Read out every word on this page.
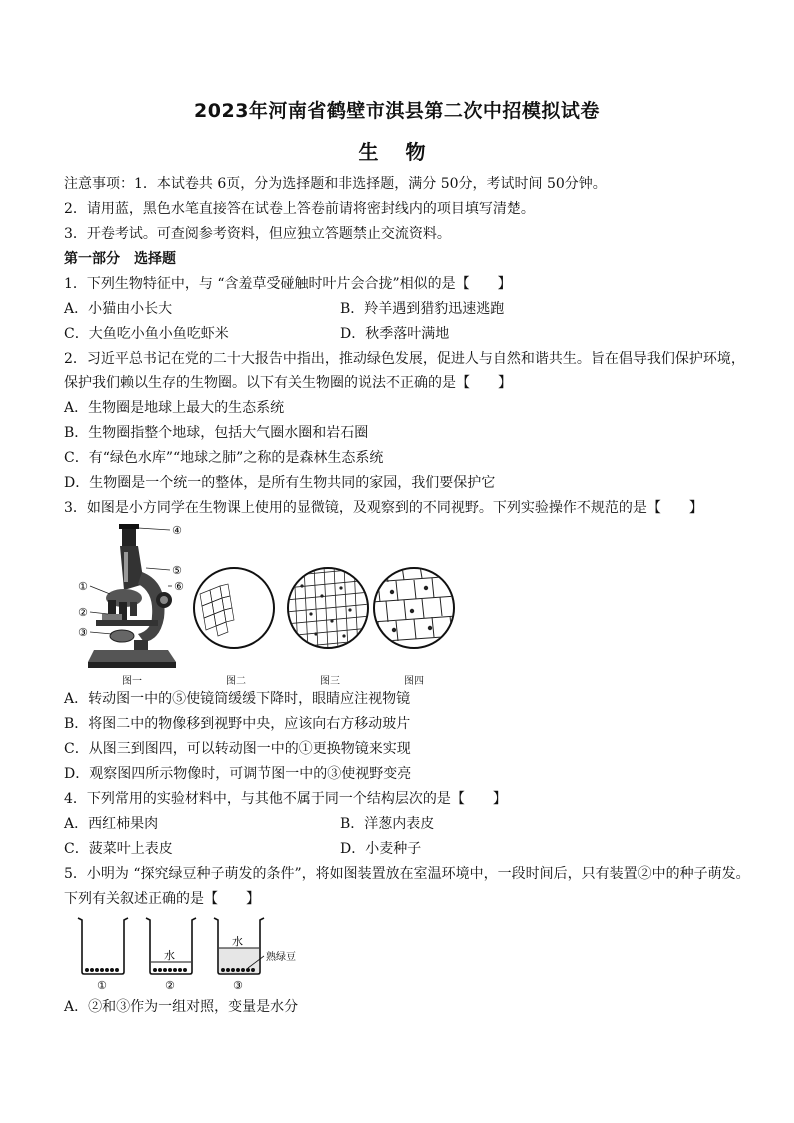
2023年河南省鹤壁市淇县第二次中招模拟试卷
生 物
注意事项：1．本试卷共 6页，分为选择题和非选择题，满分 50分，考试时间 50分钟。
2．请用蓝，黑色水笔直接答在试卷上答卷前请将密封线内的项目填写清楚。
3．开卷考试。可查阅参考资料，但应独立答题禁止交流资料。
第一部分　选择题
1．下列生物特征中，与 “含羞草受碰触时叶片会合拢”相似的是【　　】
A．小猫由小长大	B．羚羊遇到猎豹迅速逃跑
C．大鱼吃小鱼小鱼吃虾米	D．秋季落叶满地
2．习近平总书记在党的二十大报告中指出，推动绿色发展，促进人与自然和谐共生。旨在倡导我们保护环境，
保护我们赖以生存的生物圈。以下有关生物圈的说法不正确的是【　　】
A．生物圈是地球上最大的生态系统
B．生物圈指整个地球，包括大气圈水圈和岩石圈
C．有“绿色水库”“地球之肺”之称的是森林生态系统
D．生物圈是一个统一的整体，是所有生物共同的家园，我们要保护它
3．如图是小方同学在生物课上使用的显微镜，及观察到的不同视野。下列实验操作不规范的是【　　】
①
②
③
④
⑤
⑥
图一	图二	图三	图四
A．转动图一中的⑤使镜筒缓缓下降时，眼睛应注视物镜
B．将图二中的物像移到视野中央，应该向右方移动玻片
C．从图三到图四，可以转动图一中的①更换物镜来实现
D．观察图四所示物像时，可调节图一中的③使视野变亮
4．下列常用的实验材料中，与其他不属于同一个结构层次的是【　　】
A．西红柿果肉	B．洋葱内表皮
C．菠菜叶上表皮	D．小麦种子
5．小明为 “探究绿豆种子萌发的条件”，将如图装置放在室温环境中，一段时间后，只有装置②中的种子萌发。
下列有关叙述正确的是【　　】
水
水
熟绿豆
①	②	③
A．②和③作为一组对照，变量是水分
